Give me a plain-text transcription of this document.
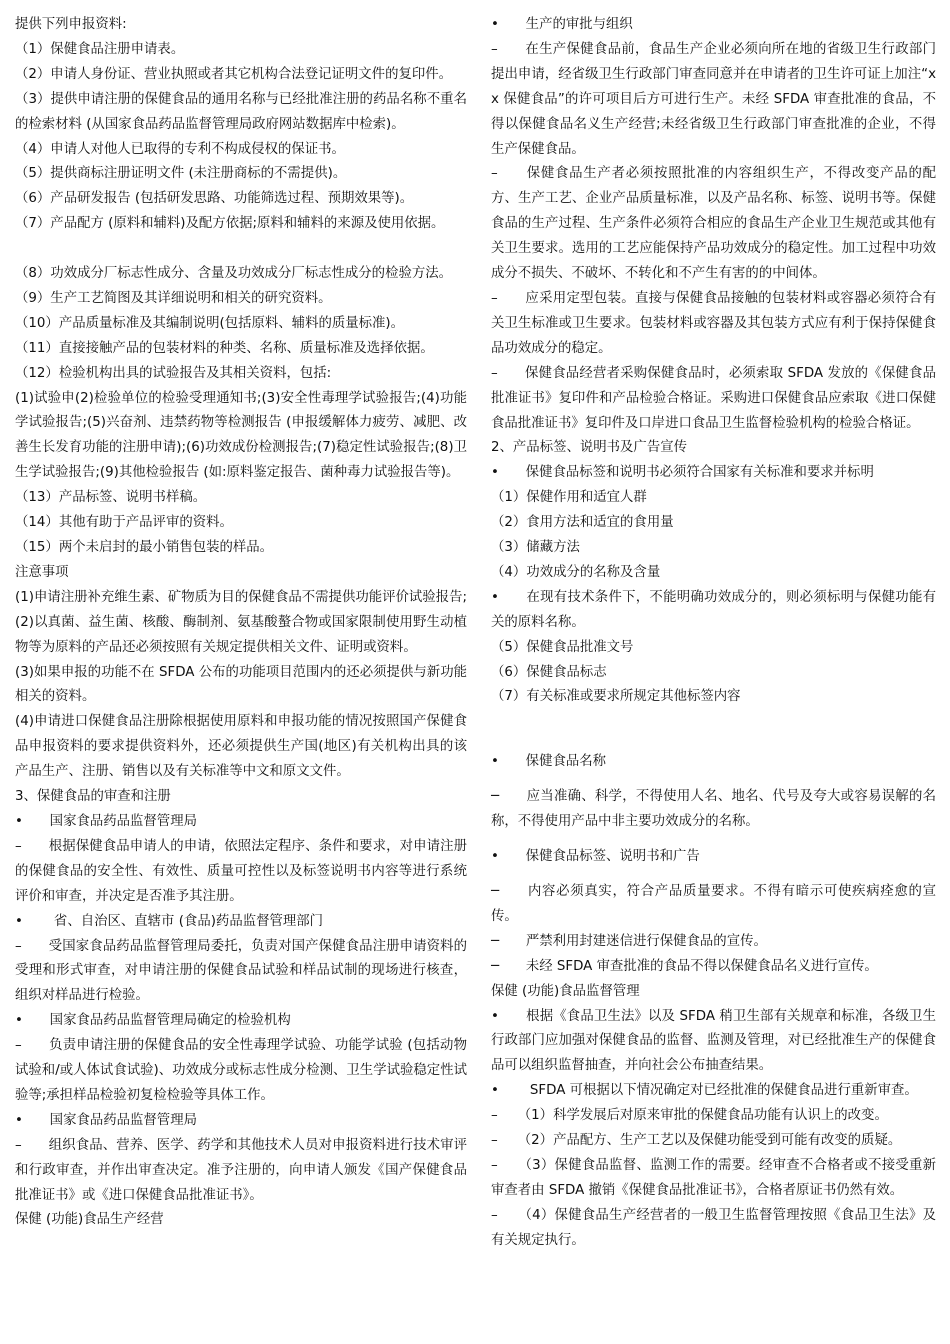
提供下列申报资料:

（1）保健食品注册申请表。

（2）申请人身份证、营业执照或者其它机构合法登记证明文件的复印件。

（3）提供申请注册的保健食品的通用名称与已经批准注册的药品名称不重名的检索材料 (从国家食品药品监督管理局政府网站数据库中检索)。

（4）申请人对他人已取得的专利不构成侵权的保证书。

（5）提供商标注册证明文件 (未注册商标的不需提供)。

（6）产品研发报告 (包括研发思路、功能筛选过程、预期效果等)。

（7）产品配方 (原料和辅料)及配方依据;原料和辅料的来源及使用依据。

（8）功效成分厂标志性成分、含量及功效成分厂标志性成分的检验方法。

（9）生产工艺简图及其详细说明和相关的研究资料。

（10）产品质量标准及其编制说明(包括原料、辅料的质量标准)。

（11）直接接触产品的包装材料的种类、名称、质量标准及选择依据。

（12）检验机构出具的试验报告及其相关资料，包括:

(1)试验申(2)检验单位的检验受理通知书;(3)安全性毒理学试验报告;(4)功能学试验报告;(5)兴奋剂、违禁药物等检测报告 (申报缓解体力疲劳、减肥、改善生长发育功能的注册申请);(6)功效成份检测报告;(7)稳定性试验报告;(8)卫生学试验报告;(9)其他检验报告 (如:原料鉴定报告、菌种毒力试验报告等)。

（13）产品标签、说明书样稿。

（14）其他有助于产品评审的资料。

（15）两个未启封的最小销售包装的样品。

注意事项

(1)申请注册补充维生素、矿物质为目的保健食品不需提供功能评价试验报告;

(2)以真菌、益生菌、核酸、酶制剂、氨基酸螯合物或国家限制使用野生动植物等为原料的产品还必须按照有关规定提供相关文件、证明或资料。

(3)如果申报的功能不在 SFDA 公布的功能项目范围内的还必须提供与新功能相关的资料。

(4)申请进口保健食品注册除根据使用原料和申报功能的情况按照国产保健食品申报资料的要求提供资料外，还必须提供生产国(地区)有关机构出具的该产品生产、注册、销售以及有关标准等中文和原文文件。

3、保健食品的审查和注册

•　　国家食品药品监督管理局

–　　根据保健食品申请人的申请，依照法定程序、条件和要求，对申请注册的保健食品的安全性、有效性、质量可控性以及标签说明书内容等进行系统评价和审查，并决定是否准予其注册。

•　　 省、自治区、直辖市 (食品)药品监督管理部门

–　　受国家食品药品监督管理局委托，负责对国产保健食品注册申请资料的受理和形式审查，对申请注册的保健食品试验和样品试制的现场进行核查，组织对样品进行检验。

•　　国家食品药品监督管理局确定的检验机构

–　　负责申请注册的保健食品的安全性毒理学试验、功能学试验 (包括动物试验和/或人体试食试验)、功效成分或标志性成分检测、卫生学试验稳定性试验等;承担样品检验初复检检验等具体工作。

•　　国家食品药品监督管理局

–　　组织食品、营养、医学、药学和其他技术人员对申报资料进行技术审评和行政审查，并作出审查决定。准予注册的，向申请人颁发《国产保健食品批准证书》或《进口保健食品批准证书》。

保健 (功能)食品生产经营

•　　生产的审批与组织

–　　在生产保健食品前，食品生产企业必须向所在地的省级卫生行政部门提出申请，经省级卫生行政部门审查同意并在申请者的卫生许可证上加注“xx 保健食品”的许可项目后方可进行生产。未经 SFDA 审查批准的食品，不得以保健食品名义生产经营;未经省级卫生行政部门审查批准的企业，不得生产保健食品。

–　　保健食品生产者必须按照批准的内容组织生产，不得改变产品的配方、生产工艺、企业产品质量标准，以及产品名称、标签、说明书等。保健食品的生产过程、生产条件必须符合相应的食品生产企业卫生规范或其他有关卫生要求。选用的工艺应能保持产品功效成分的稳定性。加工过程中功效成分不损失、不破坏、不转化和不产生有害的的中间体。

–　　应采用定型包装。直接与保健食品接触的包装材料或容器必须符合有关卫生标准或卫生要求。包装材料或容器及其包装方式应有利于保持保健食品功效成分的稳定。

–　　保健食品经营者采购保健食品时，必须索取 SFDA 发放的《保健食品批准证书》复印件和产品检验合格证。采购进口保健食品应索取《进口保健食品批准证书》复印件及口岸进口食品卫生监督检验机构的检验合格证。

2、产品标签、说明书及广告宣传

•　　保健食品标签和说明书必须符合国家有关标准和要求并标明

（1）保健作用和适宜人群

（2）食用方法和适宜的食用量

（3）储藏方法

（4）功效成分的名称及含量

•　　在现有技术条件下，不能明确功效成分的，则必须标明与保健功能有关的原料名称。

（5）保健食品批准文号

（6）保健食品标志

（7）有关标准或要求所规定其他标签内容

•　　保健食品名称

─　　应当准确、科学，不得使用人名、地名、代号及夸大或容易误解的名称，不得使用产品中非主要功效成分的名称。

•　　保健食品标签、说明书和广告

─　　内容必须真实，符合产品质量要求。不得有暗示可使疾病痊愈的宣传。

─　　严禁利用封建迷信进行保健食品的宣传。

─　　未经 SFDA 审查批准的食品不得以保健食品名义进行宣传。

保健 (功能)食品监督管理

•　　根据《食品卫生法》以及 SFDA 稍卫生部有关规章和标准，各级卫生行政部门应加强对保健食品的监督、监测及管理，对已经批准生产的保健食品可以组织监督抽查，并向社会公布抽查结果。

•　　 SFDA 可根据以下情况确定对已经批准的保健食品进行重新审查。

–　　（1）科学发展后对原来审批的保健食品功能有认识上的改变。

–　　（2）产品配方、生产工艺以及保健功能受到可能有改变的质疑。

–　　（3）保健食品监督、监测工作的需要。经审查不合格者或不接受重新审查者由 SFDA 撤销《保健食品批准证书》，合格者原证书仍然有效。

–　　（4）保健食品生产经营者的一般卫生监督管理按照《食品卫生法》及有关规定执行。
